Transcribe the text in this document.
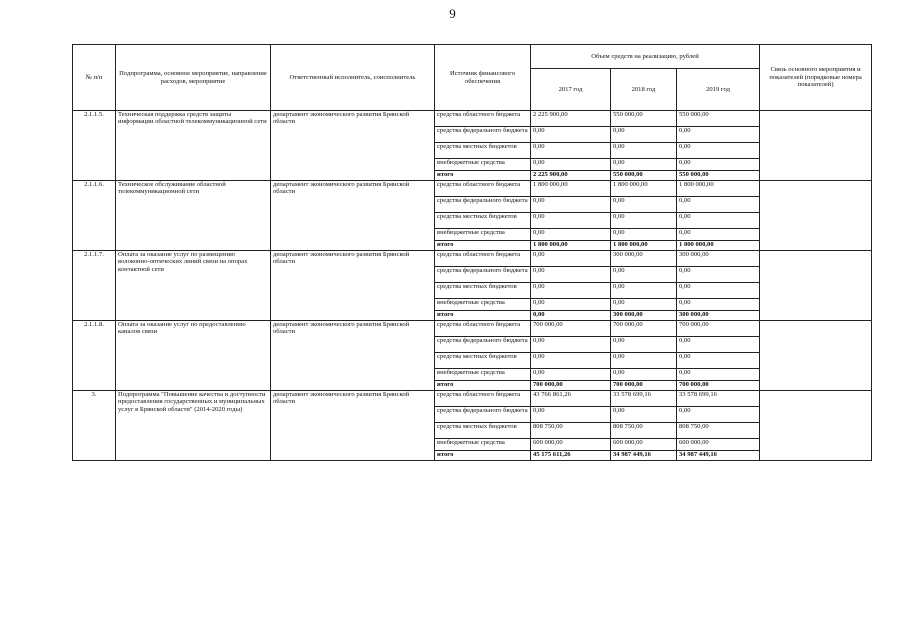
9
№ п/п	Подпрограмма, основное мероприятие, направление расходов, мероприятие	Ответственный исполнитель, соисполнитель	Источник финансового обеспечения	Объем средств на реализацию, рублей			Связь основного мероприятия и показателей (порядковые номера показателей)
				2017 год	2018 год	2019 год	
2.1.1.5.	Техническая поддержка средств защиты информации областной телекоммуникационной сети	департамент экономического развития Брянской области	средства областного бюджета	2 225 900,00	550 000,00	550 000,00	
			средства федерального бюджета	0,00	0,00	0,00	
			средства местных бюджетов	0,00	0,00	0,00	
			внебюджетные средства	0,00	0,00	0,00	
			итого	2 225 900,00	550 000,00	550 000,00	
2.1.1.6.	Техническое обслуживание областной телекоммуникационной сети	департамент экономического развития Брянской области	средства областного бюджета	1 800 000,00	1 800 000,00	1 800 000,00	
			средства федерального бюджета	0,00	0,00	0,00	
			средства местных бюджетов	0,00	0,00	0,00	
			внебюджетные средства	0,00	0,00	0,00	
			итого	1 800 000,00	1 800 000,00	1 800 000,00	
2.1.1.7.	Оплата за оказание услуг по размещению волоконно-оптических линий связи на опорах контактной сети	департамент экономического развития Брянской области	средства областного бюджета	0,00	300 000,00	300 000,00	
			средства федерального бюджета	0,00	0,00	0,00	
			средства местных бюджетов	0,00	0,00	0,00	
			внебюджетные средства	0,00	0,00	0,00	
			итого	0,00	300 000,00	300 000,00	
2.1.1.8.	Оплата за оказание услуг по предоставлению каналов связи	департамент экономического развития Брянской области	средства областного бюджета	700 000,00	700 000,00	700 000,00	
			средства федерального бюджета	0,00	0,00	0,00	
			средства местных бюджетов	0,00	0,00	0,00	
			внебюджетные средства	0,00	0,00	0,00	
			итого	700 000,00	700 000,00	700 000,00	
3.	Подпрограмма "Повышение качества и доступности предоставления государственных и муниципальных услуг в Брянской области" (2014-2020 годы)	департамент экономического развития Брянской области	средства областного бюджета	43 766 861,26	33 578 699,16	33 578 699,16	
			средства федерального бюджета	0,00	0,00	0,00	
			средства местных бюджетов	808 750,00	808 750,00	808 750,00	
			внебюджетные средства	600 000,00	600 000,00	600 000,00	
			итого	45 175 611,26	34 987 449,16	34 987 449,16	
